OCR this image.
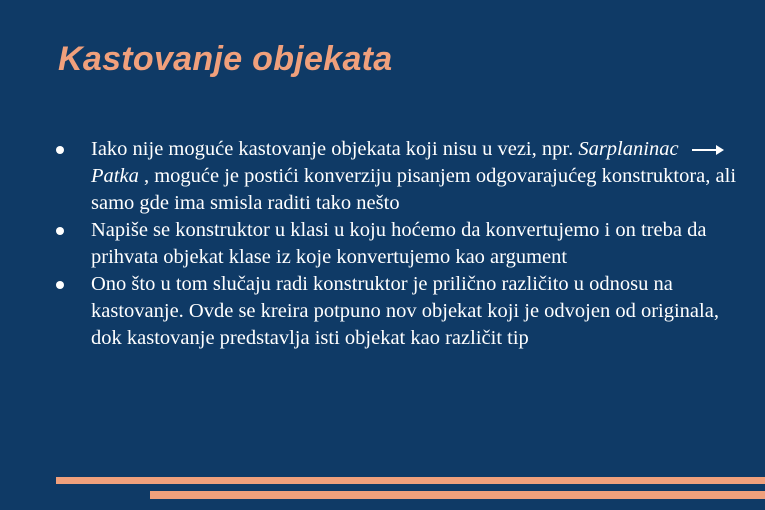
Kastovanje objekata
Iako nije moguće kastovanje objekata koji nisu u vezi, npr. Sarplaninac
Patka , moguće je postići konverziju pisanjem odgovarajućeg konstruktora, ali samo gde ima smisla raditi tako nešto
Napiše se konstruktor u klasi u koju hoćemo da konvertujemo i on treba da prihvata objekat klase iz koje konvertujemo kao argument
Ono što u tom slučaju radi konstruktor je prilično različito u odnosu na kastovanje. Ovde se kreira potpuno nov objekat koji je odvojen od originala, dok kastovanje predstavlja isti objekat kao različit tip
